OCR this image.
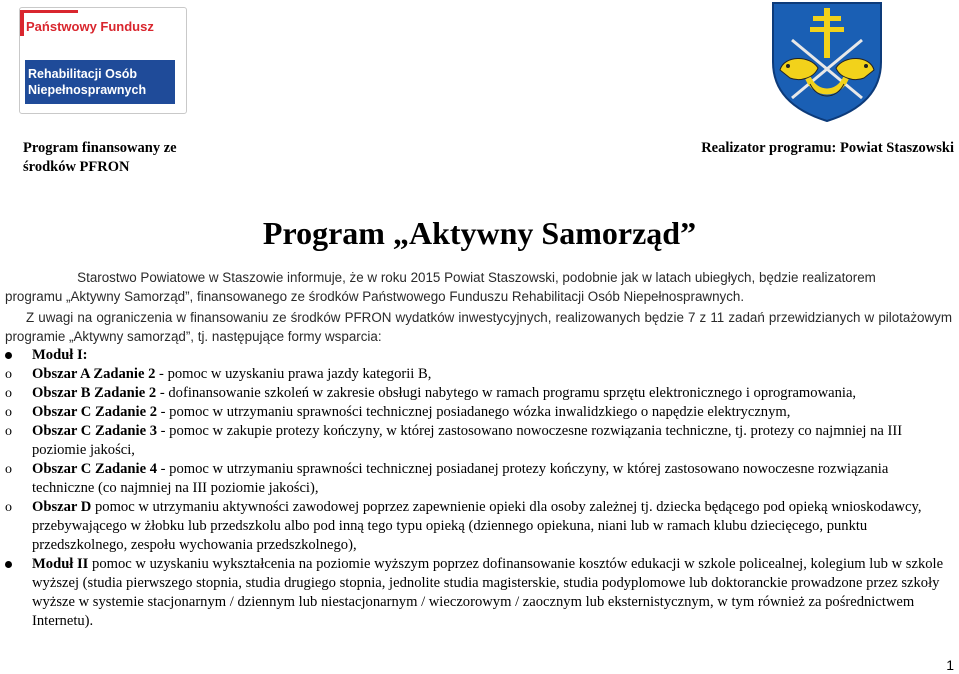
Państwowy Fundusz
Rehabilitacji Osób
Niepełnosprawnych
Program finansowany ze
środków PFRON
Realizator programu: Powiat Staszowski
Program „Aktywny Samorząd”

Starostwo Powiatowe w Staszowie informuje, że w roku 2015 Powiat Staszowski, podobnie jak w latach ubiegłych, będzie realizatorem

programu „Aktywny Samorząd”, finansowanego ze środków Państwowego Funduszu Rehabilitacji Osób Niepełnosprawnych.

Z uwagi na ograniczenia w finansowaniu ze środków PFRON wydatków inwestycyjnych, realizowanych będzie 7 z 11 zadań przewidzianych w pilotażowym programie „Aktywny samorząd”, tj. następujące formy wsparcia:

Moduł I:
o	Obszar A Zadanie 2 - pomoc w uzyskaniu prawa jazdy kategorii B,
o	Obszar B Zadanie 2 - dofinansowanie szkoleń w zakresie obsługi nabytego w ramach programu sprzętu elektronicznego i oprogramowania,
o	Obszar C Zadanie 2 - pomoc w utrzymaniu sprawności technicznej posiadanego wózka inwalidzkiego o napędzie elektrycznym,
o	Obszar C Zadanie 3 - pomoc w zakupie protezy kończyny, w której zastosowano nowoczesne rozwiązania techniczne, tj. protezy co najmniej na III poziomie jakości,
o	Obszar C Zadanie 4 - pomoc w utrzymaniu sprawności technicznej posiadanej protezy kończyny, w której zastosowano nowoczesne rozwiązania techniczne (co najmniej na III poziomie jakości),
o	Obszar D pomoc w utrzymaniu aktywności zawodowej poprzez zapewnienie opieki dla osoby zależnej tj. dziecka będącego pod opieką wnioskodawcy, przebywającego w żłobku lub przedszkolu albo pod inną tego typu opieką (dziennego opiekuna, niani lub w ramach klubu dziecięcego, punktu przedszkolnego, zespołu wychowania przedszkolnego),
Moduł II pomoc w uzyskaniu wykształcenia na poziomie wyższym poprzez dofinansowanie kosztów edukacji w szkole policealnej, kolegium lub w szkole wyższej (studia pierwszego stopnia, studia drugiego stopnia, jednolite studia magisterskie, studia podyplomowe lub doktoranckie prowadzone przez szkoły wyższe w systemie stacjonarnym / dziennym lub niestacjonarnym / wieczorowym / zaocznym lub eksternistycznym, w tym również za pośrednictwem Internetu).
1
